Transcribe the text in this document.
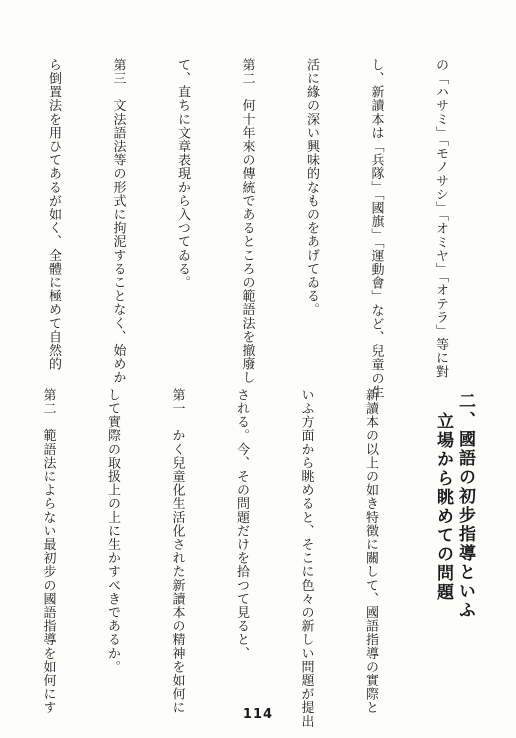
の「ハサミ」「モノサシ」「オミヤ」「オテラ」等に對

し、新讀本は「兵隊」「國旗」「運動會」など、兒童の生

活に緣の深い興味的なものをあげてゐる。

第二　何十年來の傳統であるところの範語法を撤廢し

て、直ちに文章表現から入つてゐる。

第三　文法語法等の形式に拘泥することなく、始めか

ら倒置法を用ひてあるが如く、全體に極めて自然的

二、國語の初步指導といふ
立場から眺めての問題

新讀本の以上の如き特徴に關して、國語指導の實際と

いふ方面から眺めると、そこに色々の新しい問題が提出

される。今、その問題だけを拾つて見ると、

第一　かく兒童化生活化された新讀本の精神を如何に

して實際の取扱上の上に生かすべきであるか。

第二　範語法によらない最初步の國語指導を如何にす

114
